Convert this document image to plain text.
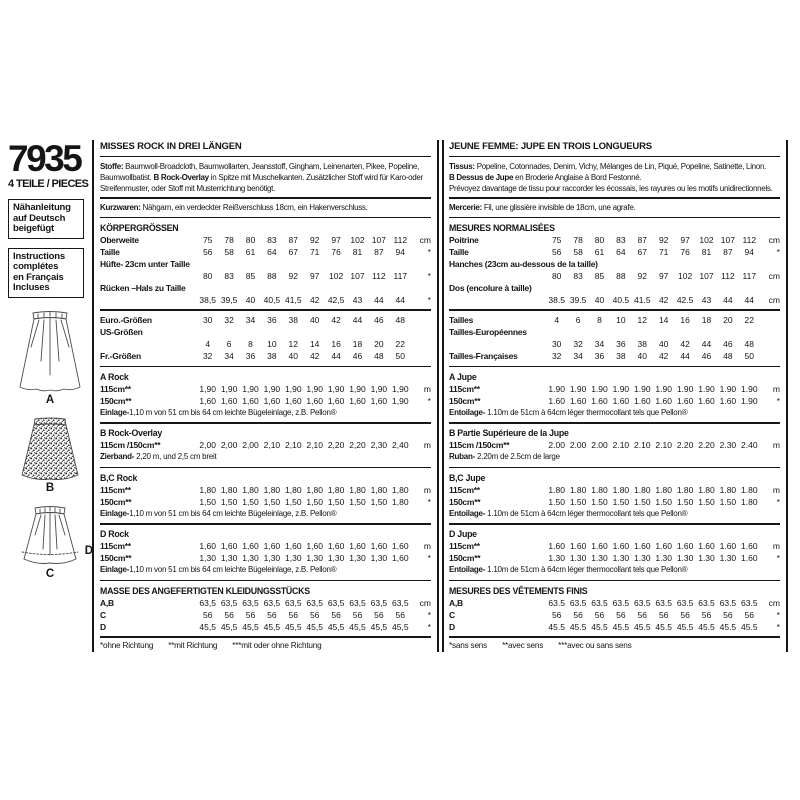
7935
4 TEILE / PIECES
Nähanleitung
auf Deutsch
beigefügt
Instructions
complétes
en Français
Incluses
A
B
D
C
MISSES ROCK IN DREI LÄNGEN

Stoffe: Baumwoll-Broadcloth, Baumwollarten, Jeansstoff, Gingham, Leinenarten, Pikee, Popeline, Baumwollbatist. B Rock-Overlay in Spitze mit Muschelkanten. Zusätzlicher Stoff wird für Karo-oder Streifenmuster, oder Stoff mit Musterrichtung benötigt.

Kurzwaren: Nähgarn, ein verdeckter Reißverschluss 18cm, ein Hakenverschluss.

KÖRPERGRÖSSEN
Oberweite	75	78	80	83	87	92	97	102 107 112	cm
Taille	56	58	61	64	67	71	76	81	87	94	*
Hüfte- 23cm unter Taille
80	83	85	88	92	97	102 107 112 117	*
Rücken –Hals zu Taille
38,5 39,5 40 40,5 41,5 42 42,5 43	44	44	*
Euro.-Größen	30	32	34	36	38	40	42	44	46	48
US-Größen
4	6	8	10	12	14	16	18	20	22
Fr.-Größen	32	34	36	38	40	42	44	46	48	50
A Rock
115cm**	1,90 1,90 1,90 1,90 1,90 1,90 1,90 1,90 1,90 1,90	m
150cm**	1,60 1,60 1,60 1,60 1,60 1,60 1,60 1,60 1,60 1,90	*
Einlage-1,10 m von 51 cm bis 64 cm leichte Bügeleinlage, z.B. Pellon®
B Rock-Overlay
115cm /150cm**	2,00 2,00 2,00 2,10 2,10 2,10 2,20 2,20 2,30 2,40	m
Zierband- 2,20 m, und 2,5 cm breit
B,C Rock
115cm**	1,80 1,80 1,80 1,80 1,80 1,80 1,80 1,80 1,80 1,80	m
150cm**	1,50 1,50 1,50 1,50 1,50 1,50 1,50 1,50 1,50 1,80	*
Einlage-1,10 m von 51 cm bis 64 cm leichte Bügeleinlage, z.B. Pellon®
D Rock
115cm**	1,60 1,60 1,60 1,60 1,60 1,60 1,60 1,60 1,60 1,60	m
150cm**	1,30 1,30 1,30 1,30 1,30 1,30 1,30 1,30 1,30 1,60	*
Einlage-1,10 m von 51 cm bis 64 cm leichte Bügeleinlage, z.B. Pellon®
MASSE DES ANGEFERTIGTEN KLEIDUNGSSTÜCKS
A,B	63,5 63,5 63,5 63,5 63,5 63,5 63,5 63,5 63,5 63,5	cm
C	56	56	56	56	56	56	56	56	56	56	*
D	45,5 45,5 45,5 45,5 45,5 45,5 45,5 45,5 45,5 45,5	*
*ohne Richtung **mit Richtung ***mit oder ohne Richtung
JEUNE FEMME: JUPE EN TROIS LONGUEURS

Tissus: Popeline, Cotonnades, Denim, Vichy, Mélanges de Lin, Piqué, Popeline, Satinette, Linon.
B Dessus de Jupe en Broderie Anglaise à Bord Festonné.
Prévoyez davantage de tissu pour raccorder les écossais, les rayures ou les motifs unidirectionnels.

Mercerie: Fil, une glissière invisible de 18cm, une agrafe.

MESURES NORMALISÉES
Poitrine	75	78	80	83	87	92	97	102 107 112	cm
Taille	56	58	61	64	67	71	76	81	87	94	*
Hanches (23cm au-dessous de la taille)
80	83	85	88	92	97	102 107 112 117	cm
Dos (encolure à taille)
38.5 39.5 40 40.5 41.5 42 42.5 43	44	44	cm
Tailles	4	6	8	10	12	14	16	18	20	22
Tailles-Européennes
30	32	34	36	38	40	42	44	46	48
Tailles-Françaises	32	34	36	38	40	42	44	46	48	50
A Jupe
115cm**	1.90 1.90 1.90 1.90 1.90 1.90 1.90 1.90 1.90 1.90	m
150cm**	1.60 1.60 1.60 1.60 1.60 1.60 1.60 1.60 1.60 1.90	*
Entoilage- 1.10m de 51cm à 64cm léger thermocollant tels que Pellon®
B Partie Supérieure de la Jupe
115cm /150cm**	2.00 2.00 2.00 2.10 2.10 2.10 2.20 2.20 2.30 2.40	m
Ruban- 2.20m de 2.5cm de large
B,C Jupe
115cm**	1.80 1.80 1.80 1.80 1.80 1.80 1.80 1.80 1.80 1.80	m
150cm**	1.50 1.50 1.50 1.50 1.50 1.50 1.50 1.50 1.50 1.80	*
Entoilage- 1.10m de 51cm à 64cm léger thermocollant tels que Pellon®
D Jupe
115cm**	1.60 1.60 1.60 1.60 1.60 1.60 1.60 1.60 1.60 1.60	m
150cm**	1.30 1.30 1.30 1.30 1.30 1.30 1.30 1.30 1.30 1.60	*
Entoilage- 1.10m de 51cm à 64cm léger thermocollant tels que Pellon®
MESURES DES VÊTEMENTS FINIS
A,B	63.5 63.5 63.5 63.5 63.5 63.5 63.5 63.5 63.5 63.5	cm
C	56	56	56	56	56	56	56	56	56	56	*
D	45.5 45.5 45.5 45.5 45.5 45.5 45.5 45.5 45.5 45.5	*
*sans sens **avec sens ***avec ou sans sens
